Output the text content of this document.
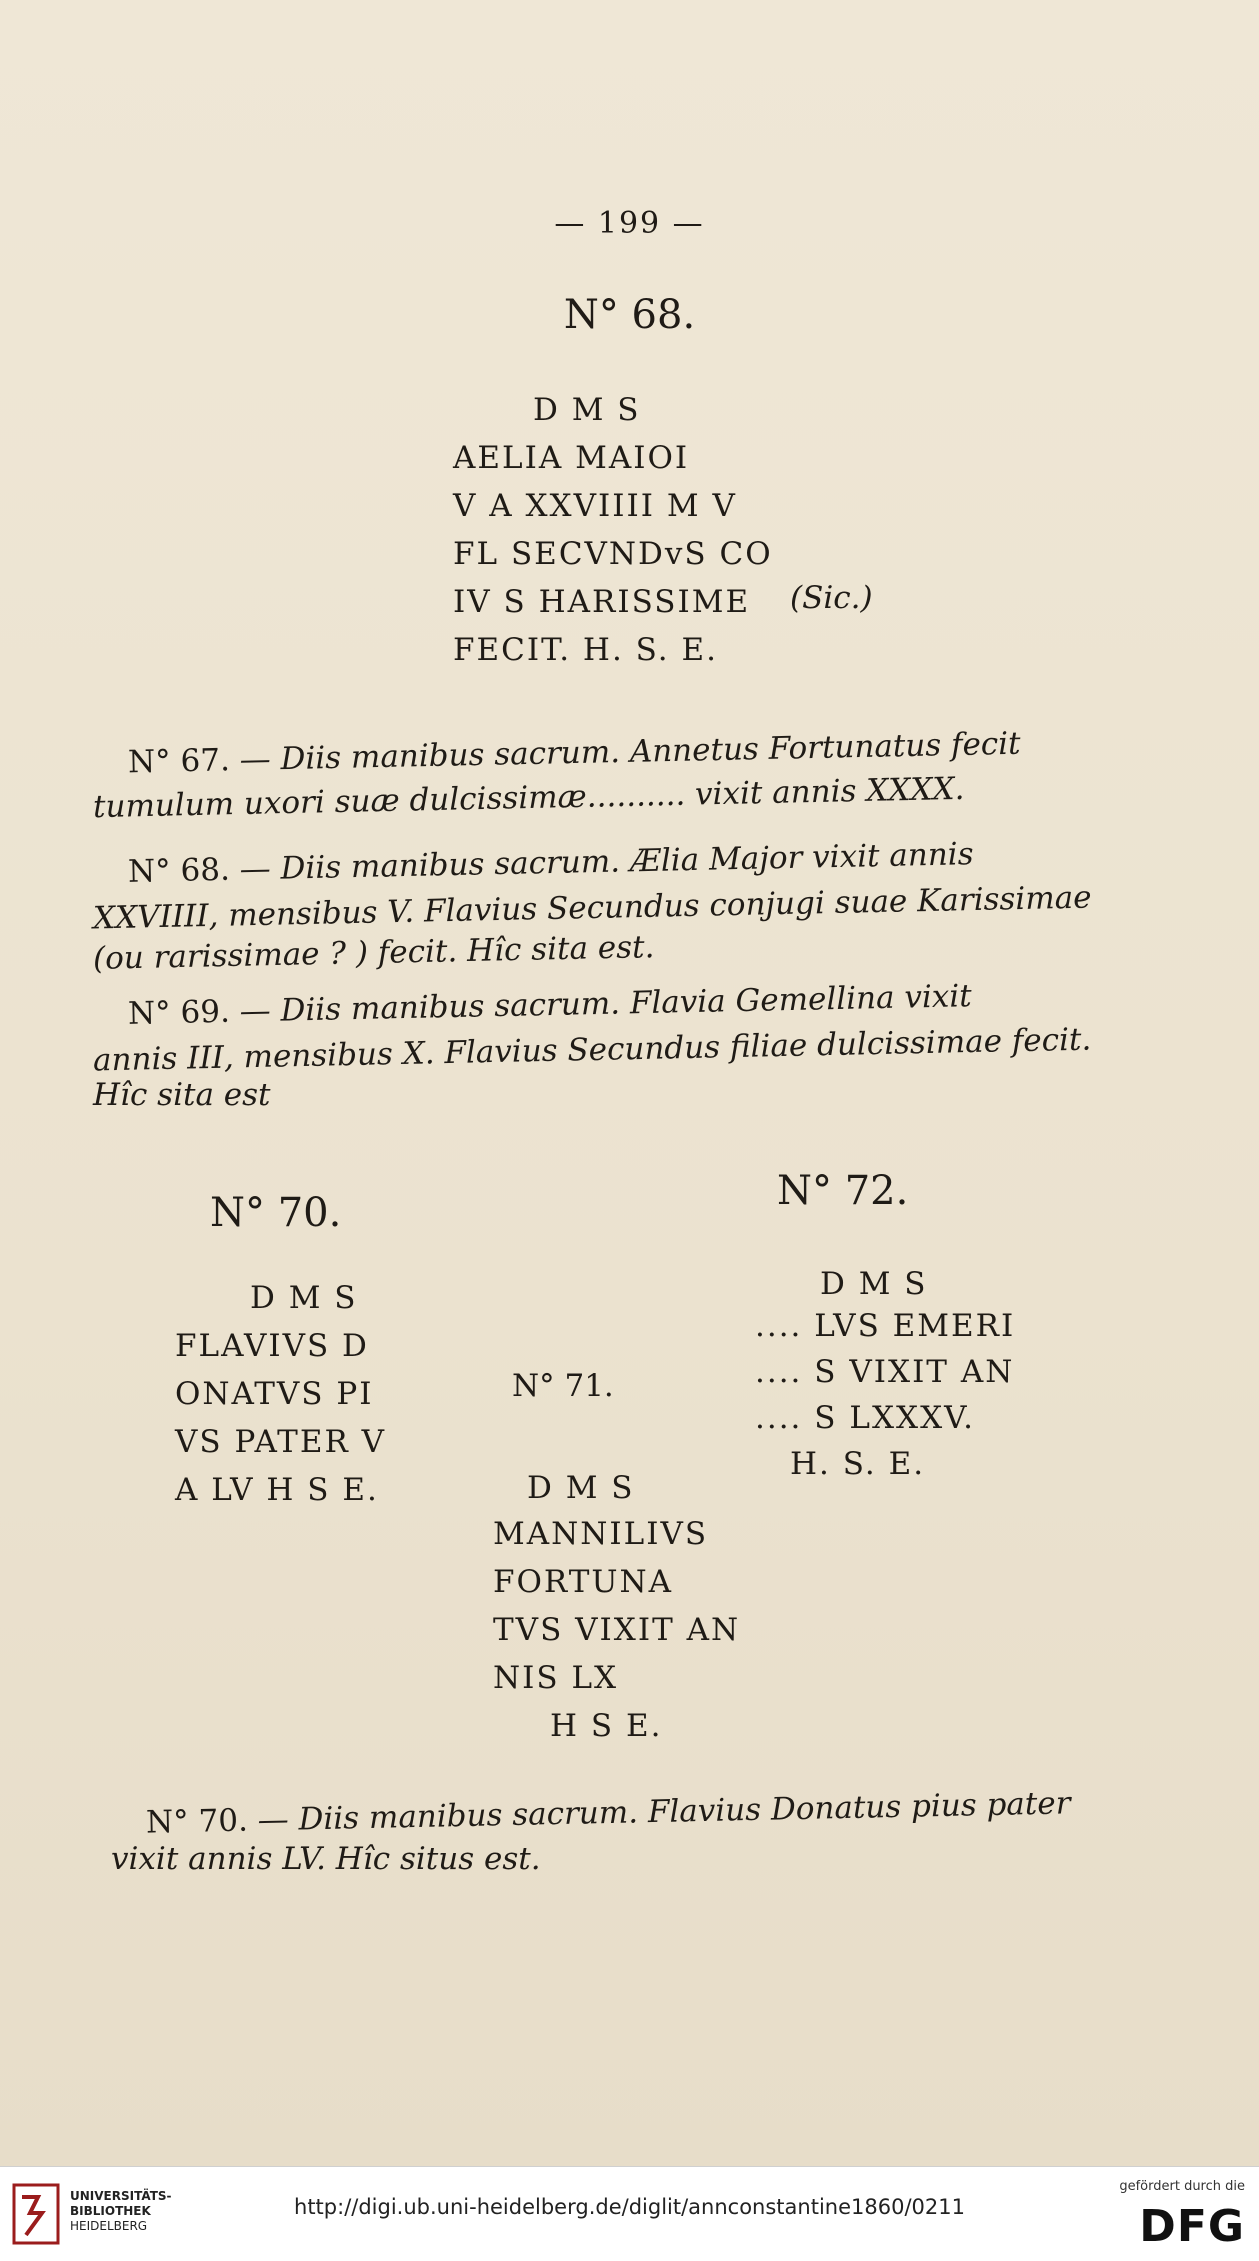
— 199 —

N° 68.

D M S

AELIA MAIOI

V A XXVIIII M V

FL SECVNDvS CO

IV S HARISSIME

FECIT. H. S. E.

(Sic.)

N° 67. — Diis manibus sacrum. Annetus Fortunatus fecit

tumulum uxori suæ dulcissimæ.......... vixit annis XXXX.

N° 68. — Diis manibus sacrum. Ælia Major vixit annis

XXVIIII, mensibus V. Flavius Secundus conjugi suae Karissimae

(ou rarissimae ? ) fecit. Hîc sita est.

N° 69. — Diis manibus sacrum. Flavia Gemellina vixit

annis III, mensibus X. Flavius Secundus filiae dulcissimae fecit.

Hîc sita est

N° 70.

D M S

FLAVIVS D

ONATVS PI

VS PATER V

A LV H S E.

N° 71.

D M S

MANNILIVS

FORTUNA

TVS VIXIT AN

NIS LX

H S E.

N° 72.

D M S

.... LVS EMERI

.... S VIXIT AN

.... S LXXXV.

H. S. E.

N° 70. — Diis manibus sacrum. Flavius Donatus pius pater

vixit annis LV. Hîc situs est.

UNIVERSITÄTS-
BIBLIOTHEK
HEIDELBERG
http://digi.ub.uni-heidelberg.de/diglit/annconstantine1860/0211
gefördert durch die
DFG
